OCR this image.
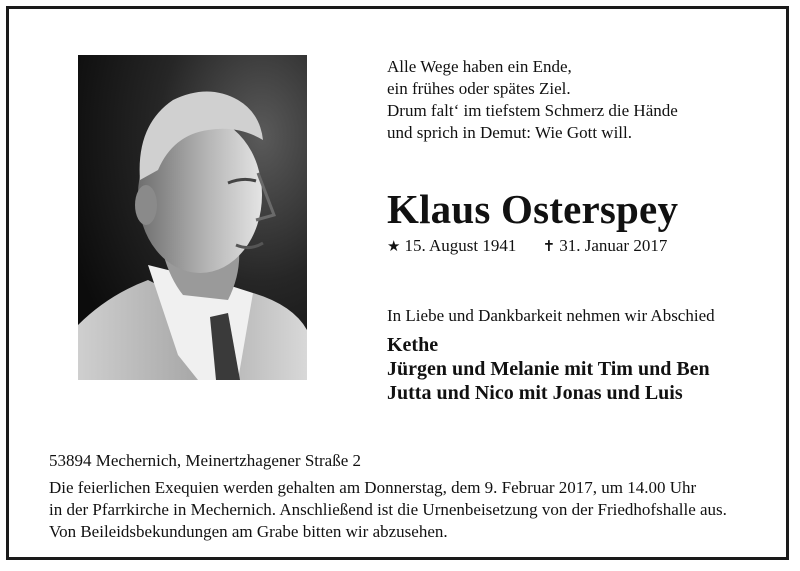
Alle Wege haben ein Ende,
ein frühes oder spätes Ziel.
Drum falt‘ im tiefstem Schmerz die Hände
und sprich in Demut: Wie Gott will.
Klaus Osterspey
★ 15. August 1941 ✝ 31. Januar 2017
In Liebe und Dankbarkeit nehmen wir Abschied
Kethe
Jürgen und Melanie mit Tim und Ben
Jutta und Nico mit Jonas und Luis
53894 Mechernich, Meinertzhagener Straße 2
Die feierlichen Exequien werden gehalten am Donnerstag, dem 9. Februar 2017, um 14.00 Uhr
in der Pfarrkirche in Mechernich. Anschließend ist die Urnenbeisetzung von der Friedhofshalle aus.
Von Beileidsbekundungen am Grabe bitten wir abzusehen.
